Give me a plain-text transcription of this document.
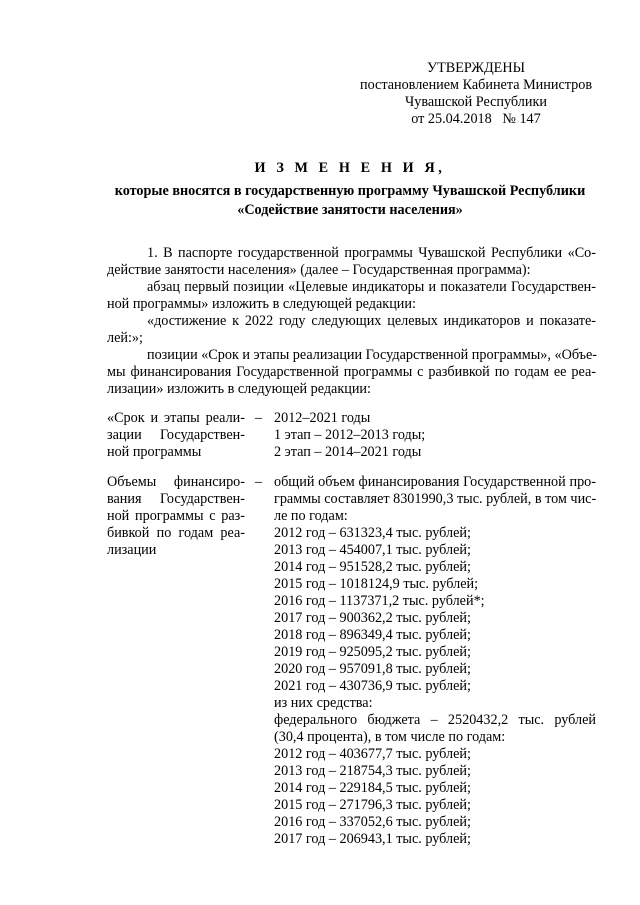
УТВЕРЖДЕНЫ
постановлением Кабинета Министров
Чувашской Республики
от 25.04.2018   № 147
И З М Е Н Е Н И Я,
которые вносятся в государственную программу Чувашской Республики
«Содействие занятости населения»
1. В паспорте государственной программы Чувашской Республики «Со-
действие занятости населения» (далее – Государственная программа):
абзац первый позиции «Целевые индикаторы и показатели Государствен-
ной программы» изложить в следующей редакции:
«достижение к 2022 году следующих целевых индикаторов и показате-
лей:»;
позиции «Срок и этапы реализации Государственной программы», «Объе-
мы финансирования Государственной программы с разбивкой по годам ее реа-
лизации» изложить в следующей редакции:
«Срок и этапы реали-
зации Государствен-
ной программы
– 2012–2021 годы
1 этап – 2012–2013 годы;
2 этап – 2014–2021 годы
Объемы финансиро-
вания Государствен-
ной программы с раз-
бивкой по годам реа-
лизации
– общий объем финансирования Государственной про-
граммы составляет 8301990,3 тыс. рублей, в том чис-
ле по годам:
2012 год – 631323,4 тыс. рублей;
2013 год – 454007,1 тыс. рублей;
2014 год – 951528,2 тыс. рублей;
2015 год – 1018124,9 тыс. рублей;
2016 год – 1137371,2 тыс. рублей*;
2017 год – 900362,2 тыс. рублей;
2018 год – 896349,4 тыс. рублей;
2019 год – 925095,2 тыс. рублей;
2020 год – 957091,8 тыс. рублей;
2021 год – 430736,9 тыс. рублей;
из них средства:
федерального бюджета – 2520432,2 тыс. рублей
(30,4 процента), в том числе по годам:
2012 год – 403677,7 тыс. рублей;
2013 год – 218754,3 тыс. рублей;
2014 год – 229184,5 тыс. рублей;
2015 год – 271796,3 тыс. рублей;
2016 год – 337052,6 тыс. рублей;
2017 год – 206943,1 тыс. рублей;
